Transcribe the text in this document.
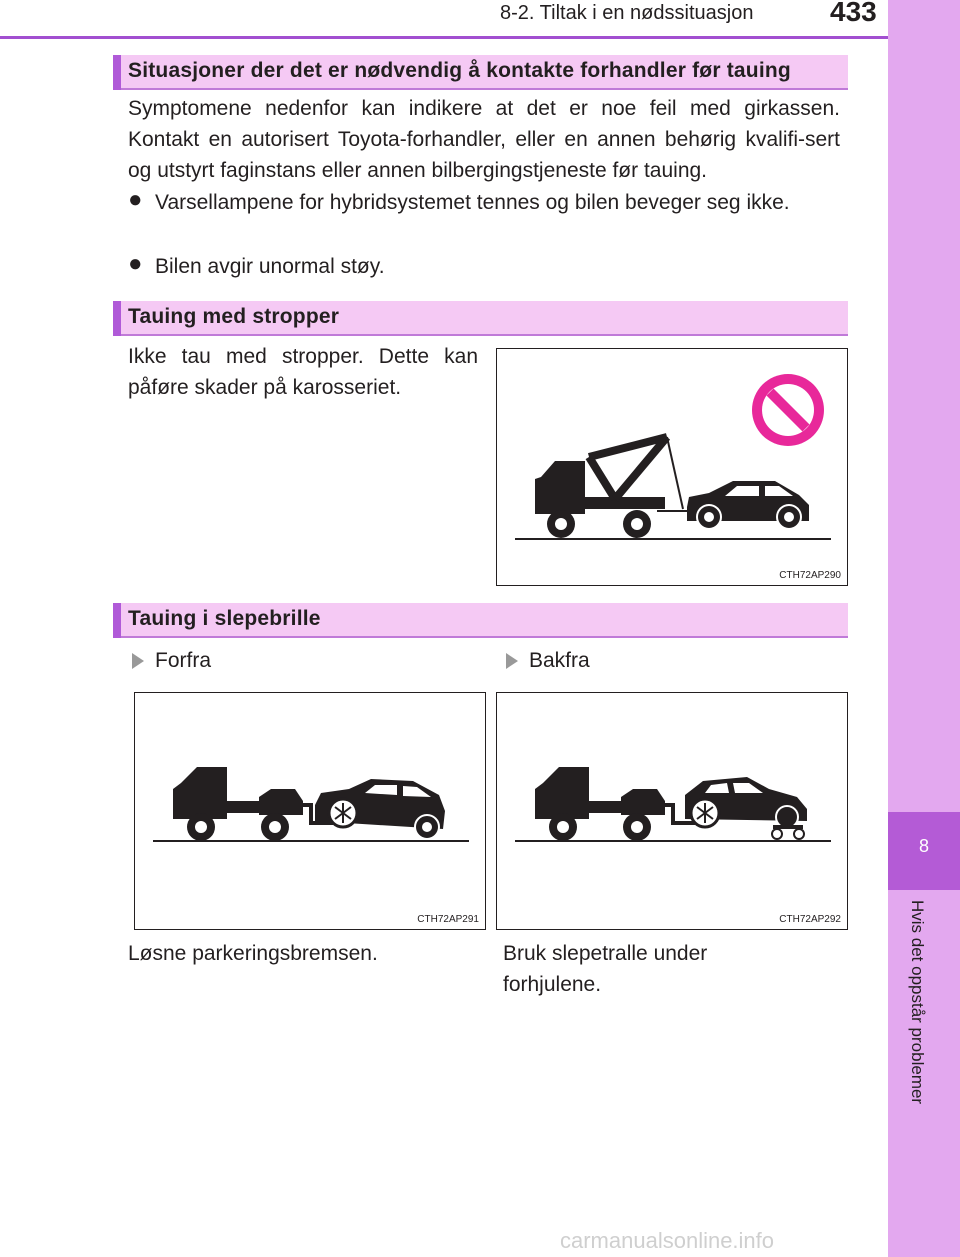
8-2. Tiltak i en nødssituasjon	433
8
Hvis det oppstår problemer
Situasjoner der det er nødvendig å kontakte forhandler før tauing
Symptomene nedenfor kan indikere at det er noe feil med girkassen. Kontakt en autorisert Toyota-forhandler, eller en annen behørig kvalifi-sert og utstyrt faginstans eller annen bilbergingstjeneste før tauing.
● Varsellampene for hybridsystemet tennes og bilen beveger seg ikke.
● Bilen avgir unormal støy.
Tauing med stropper
Ikke tau med stropper. Dette kan påføre skader på karosseriet.
CTH72AP290
Tauing i slepebrille
Forfra	Bakfra
CTH72AP291	CTH72AP292
Løsne parkeringsbremsen.	Bruk slepetralle under forhjulene.
carmanualsonline.info
